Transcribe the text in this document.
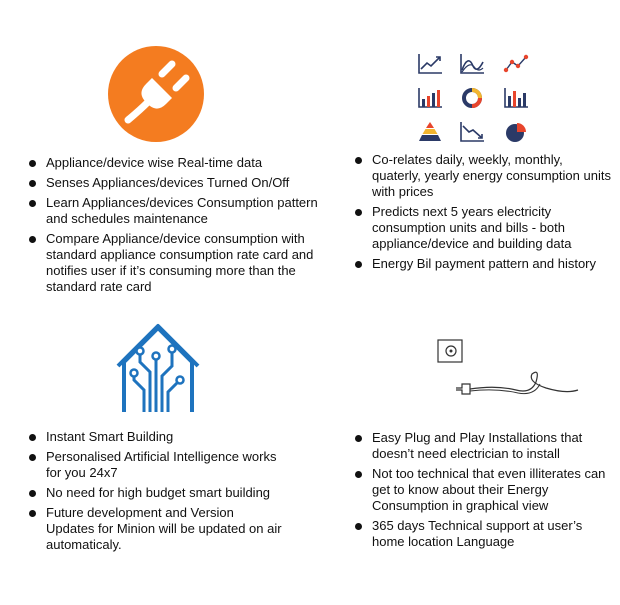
Appliance/device wise Real-time data
Senses Appliances/devices Turned On/Off
Learn Appliances/devices Consumption pattern and schedules maintenance
Compare Appliance/device consumption with standard appliance consumption rate card and notifies user if it’s consuming more than the standard rate card
Co-relates daily, weekly, monthly, quaterly, yearly energy consumption units with prices
Predicts next 5 years electricity consumption units and bills - both appliance/device and building data
Energy Bil payment pattern and history
Instant Smart Building
Personalised Artificial Intelligence works for you 24x7
No need for high budget smart building
Future development and Version Updates for Minion will be updated on air automaticaly.
Easy Plug and Play Installations that doesn’t need electrician to install
Not too technical that even illiterates can get to know about their Energy Consumption in graphical view
365 days Technical support at user’s home location Language
